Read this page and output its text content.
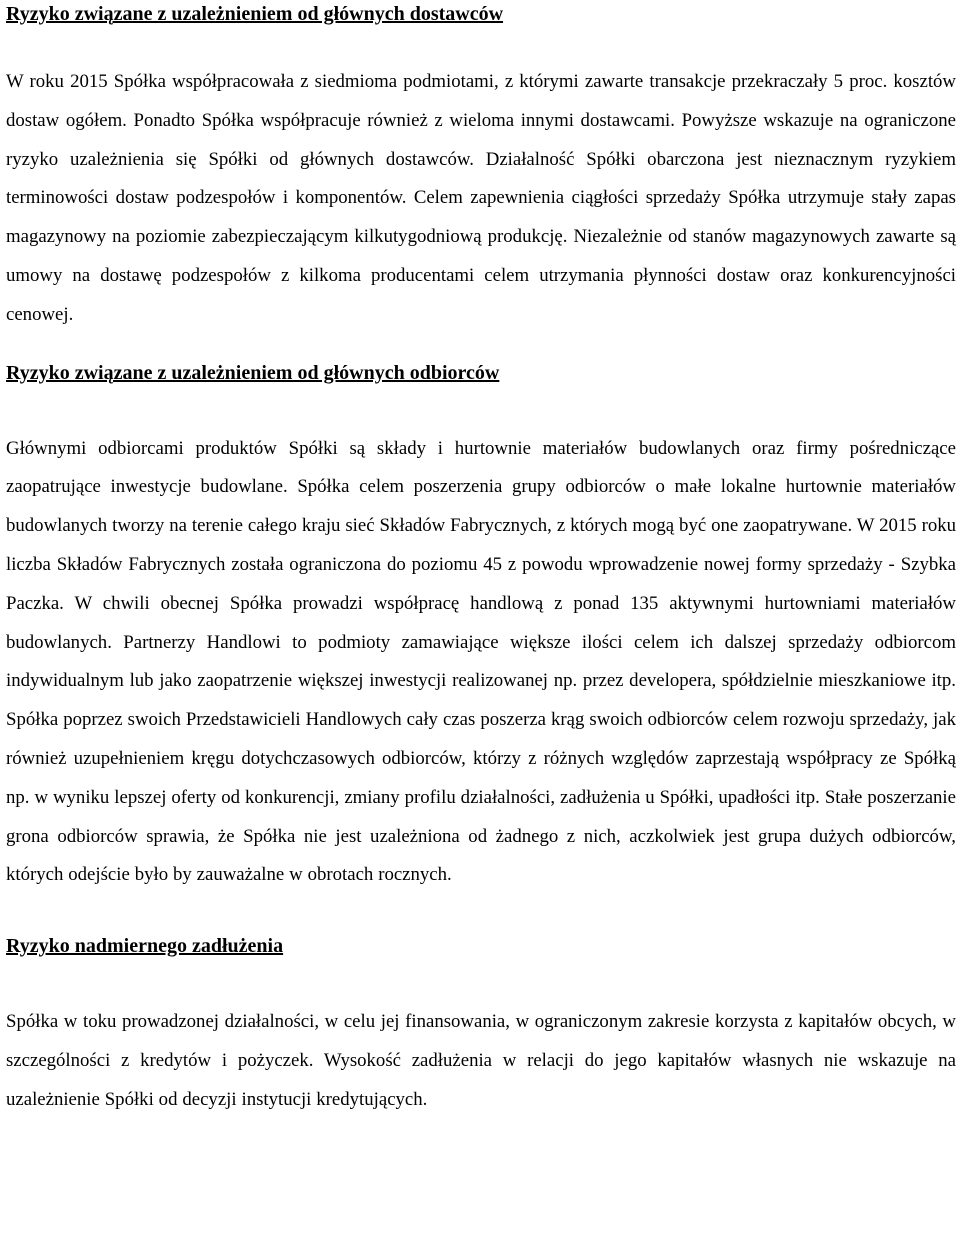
Ryzyko związane z uzależnieniem od głównych dostawców

W roku 2015 Spółka współpracowała z siedmioma podmiotami, z którymi zawarte transakcje przekraczały 5 proc. kosztów dostaw ogółem. Ponadto Spółka współpracuje również z wieloma innymi dostawcami. Powyższe wskazuje na ograniczone ryzyko uzależnienia się Spółki od głównych dostawców. Działalność Spółki obarczona jest nieznacznym ryzykiem terminowości dostaw podzespołów i komponentów. Celem zapewnienia ciągłości sprzedaży Spółka utrzymuje stały zapas magazynowy na poziomie zabezpieczającym kilkutygodniową produkcję. Niezależnie od stanów magazynowych zawarte są umowy na dostawę podzespołów z kilkoma producentami celem utrzymania płynności dostaw oraz konkurencyjności cenowej.

Ryzyko związane z uzależnieniem od głównych odbiorców

Głównymi odbiorcami produktów Spółki są składy i hurtownie materiałów budowlanych oraz firmy pośredniczące zaopatrujące inwestycje budowlane. Spółka celem poszerzenia grupy odbiorców o małe lokalne hurtownie materiałów budowlanych tworzy na terenie całego kraju sieć Składów Fabrycznych, z których mogą być one zaopatrywane. W 2015 roku liczba Składów Fabrycznych została ograniczona do poziomu 45 z powodu wprowadzenie nowej formy sprzedaży - Szybka Paczka. W chwili obecnej Spółka prowadzi współpracę handlową z ponad 135 aktywnymi hurtowniami materiałów budowlanych. Partnerzy Handlowi to podmioty zamawiające większe ilości celem ich dalszej sprzedaży odbiorcom indywidualnym lub jako zaopatrzenie większej inwestycji realizowanej np. przez developera, spółdzielnie mieszkaniowe itp. Spółka poprzez swoich Przedstawicieli Handlowych cały czas poszerza krąg swoich odbiorców celem rozwoju sprzedaży, jak również uzupełnieniem kręgu dotychczasowych odbiorców, którzy z różnych względów zaprzestają współpracy ze Spółką np. w wyniku lepszej oferty od konkurencji, zmiany profilu działalności, zadłużenia u Spółki, upadłości itp. Stałe poszerzanie grona odbiorców sprawia, że Spółka nie jest uzależniona od żadnego z nich, aczkolwiek jest grupa dużych odbiorców, których odejście było by zauważalne w obrotach rocznych.

Ryzyko nadmiernego zadłużenia

Spółka w toku prowadzonej działalności, w celu jej finansowania, w ograniczonym zakresie korzysta z kapitałów obcych, w szczególności z kredytów i pożyczek. Wysokość zadłużenia w relacji do jego kapitałów własnych nie wskazuje na uzależnienie Spółki od decyzji instytucji kredytujących.
